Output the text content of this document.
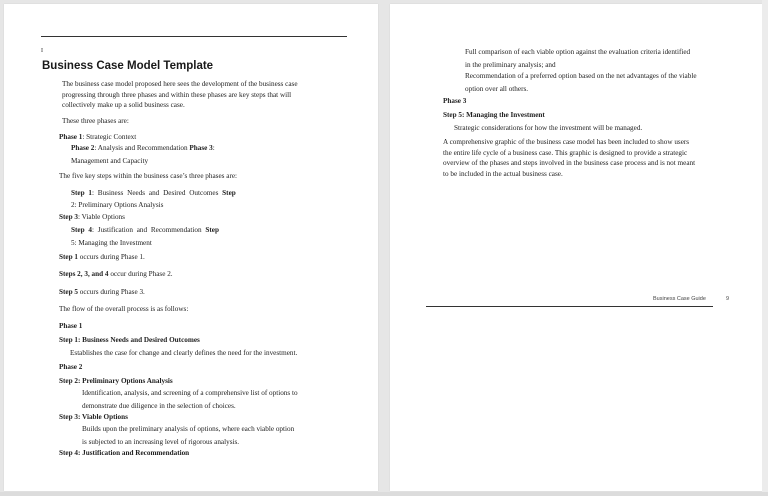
I
Business Case Model Template
The business case model proposed here sees the development of the business case
progressing through three phases and within these phases are key steps that will
collectively make up a solid business case.
These three phases are:
Phase 1: Strategic Context
Phase 2: Analysis and Recommendation Phase 3:
Management and Capacity
The five key steps within the business case’s three phases are:
Step 1: Business Needs and Desired Outcomes Step
2: Preliminary Options Analysis
Step 3: Viable Options
Step 4: Justification and Recommendation Step
5: Managing the Investment
Step 1 occurs during Phase 1.
Steps 2, 3, and 4 occur during Phase 2.
Step 5 occurs during Phase 3.
The flow of the overall process is as follows:
Phase 1
Step 1: Business Needs and Desired Outcomes
Establishes the case for change and clearly defines the need for the investment.
Phase 2
Step 2: Preliminary Options Analysis
Identification, analysis, and screening of a comprehensive list of options to
demonstrate due diligence in the selection of choices.
Step 3: Viable Options
Builds upon the preliminary analysis of options, where each viable option
is subjected to an increasing level of rigorous analysis.
Step 4: Justification and Recommendation
Full comparison of each viable option against the evaluation criteria identified
in the preliminary analysis; and
Recommendation of a preferred option based on the net advantages of the viable
option over all others.
Phase 3
Step 5: Managing the Investment
Strategic considerations for how the investment will be managed.
A comprehensive graphic of the business case model has been included to show users
the entire life cycle of a business case. This graphic is designed to provide a strategic
overview of the phases and steps involved in the business case process and is not meant
to be included in the actual business case.
Business Case Guide	9
